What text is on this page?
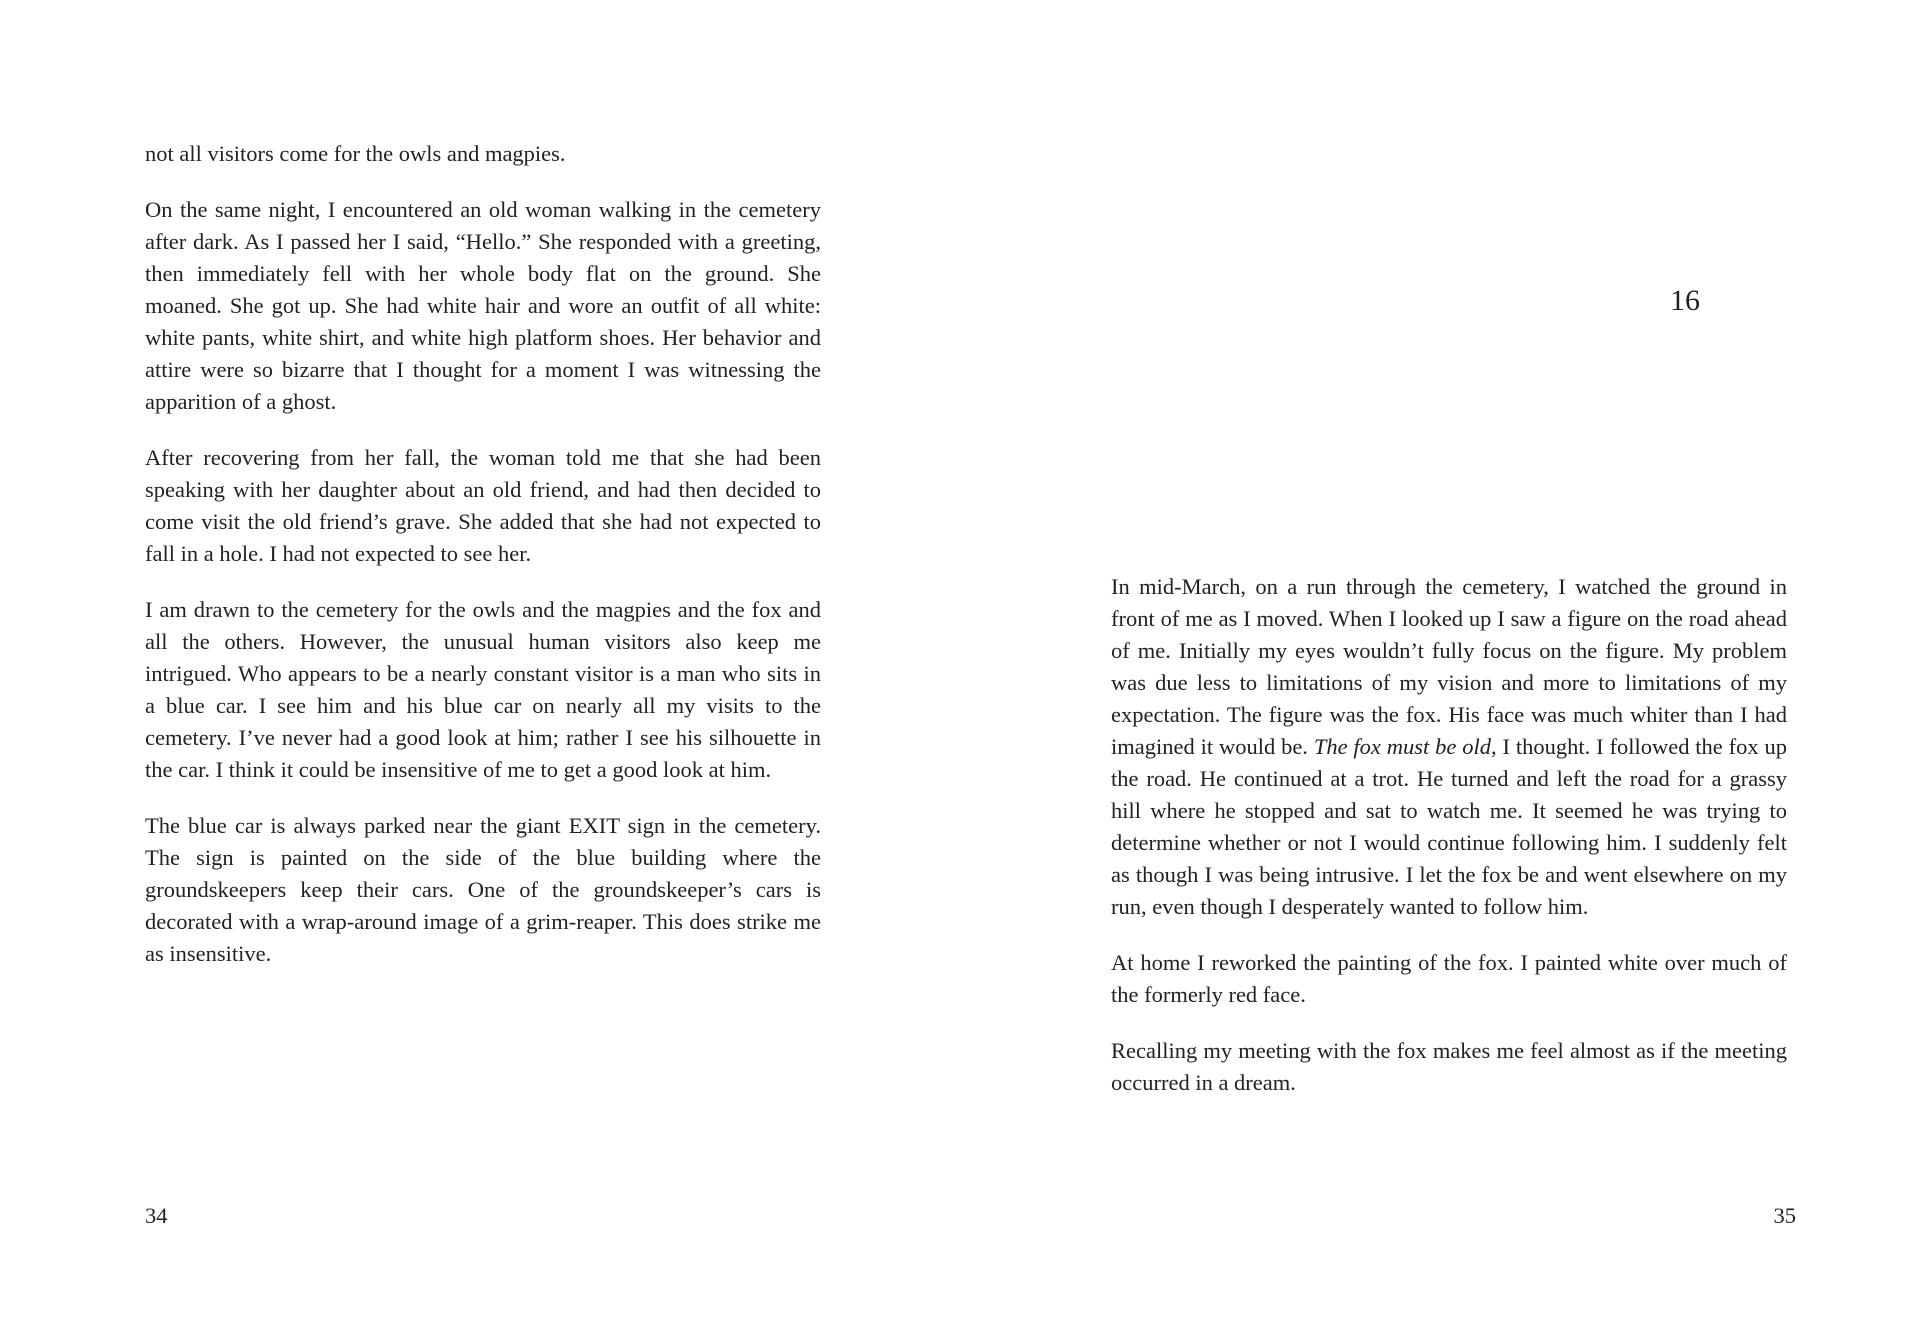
not all visitors come for the owls and magpies.

On the same night, I encountered an old woman walking in the cemetery after dark. As I passed her I said, “Hello.” She responded with a greeting, then immediately fell with her whole body flat on the ground. She moaned. She got up. She had white hair and wore an outfit of all white: white pants, white shirt, and white high platform shoes. Her behavior and attire were so bizarre that I thought for a moment I was witnessing the apparition of a ghost.

After recovering from her fall, the woman told me that she had been speaking with her daughter about an old friend, and had then decided to come visit the old friend’s grave. She added that she had not expected to fall in a hole. I had not expected to see her.

I am drawn to the cemetery for the owls and the magpies and the fox and all the others. However, the unusual human visitors also keep me intrigued. Who appears to be a nearly constant visitor is a man who sits in a blue car. I see him and his blue car on nearly all my visits to the cemetery. I’ve never had a good look at him; rather I see his silhouette in the car. I think it could be insensitive of me to get a good look at him.

The blue car is always parked near the giant EXIT sign in the cemetery. The sign is painted on the side of the blue building where the groundskeepers keep their cars. One of the groundskeeper’s cars is decorated with a wrap-around image of a grim-reaper. This does strike me as insensitive.

34
16

In mid-March, on a run through the cemetery, I watched the ground in front of me as I moved. When I looked up I saw a figure on the road ahead of me. Initially my eyes wouldn’t fully focus on the figure. My problem was due less to limitations of my vision and more to limitations of my expectation. The figure was the fox. His face was much whiter than I had imagined it would be. The fox must be old, I thought. I followed the fox up the road. He continued at a trot. He turned and left the road for a grassy hill where he stopped and sat to watch me. It seemed he was trying to determine whether or not I would continue following him. I suddenly felt as though I was being intrusive. I let the fox be and went elsewhere on my run, even though I desperately wanted to follow him.

At home I reworked the painting of the fox. I painted white over much of the formerly red face.

Recalling my meeting with the fox makes me feel almost as if the meeting occurred in a dream.

35
